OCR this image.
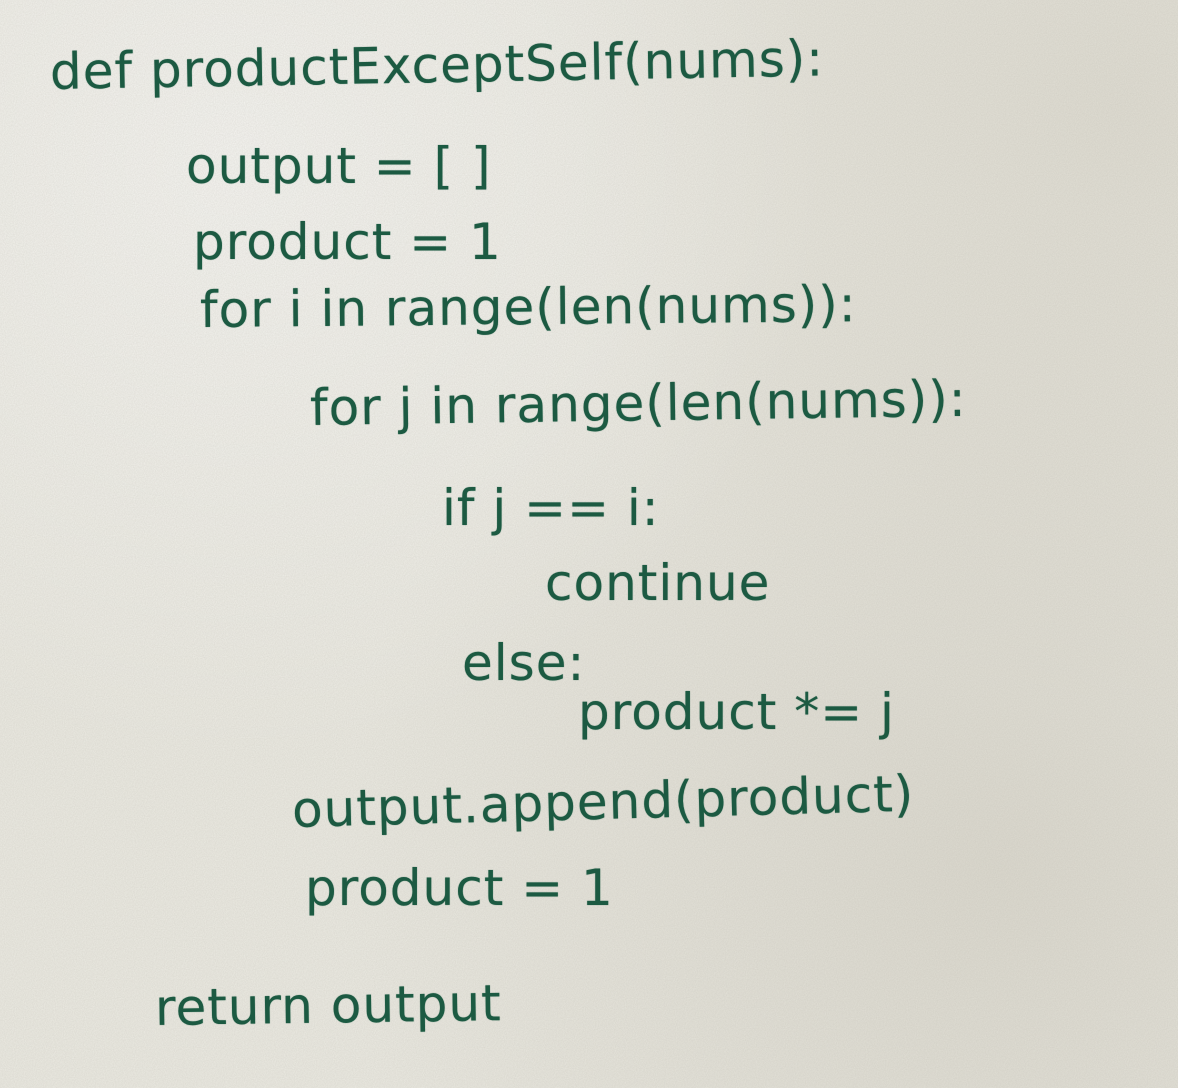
def productExceptSelf(nums):
output = [ ]
product = 1
for i in range(len(nums)):
for j in range(len(nums)):
if j == i:
continue
else:
product *= j
output.append(product)
product = 1
return output
